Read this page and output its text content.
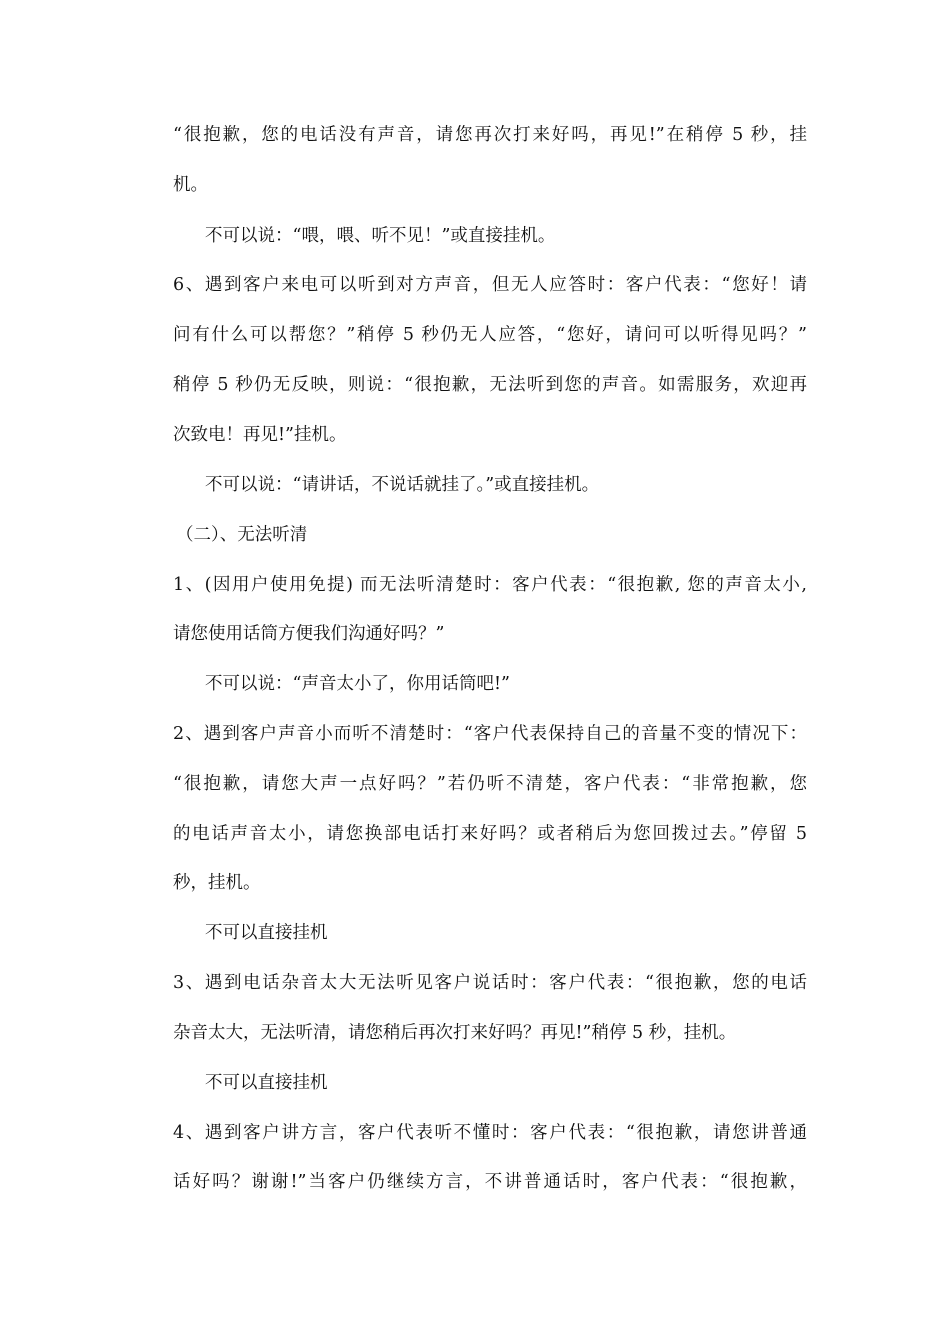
“很抱歉，您的电话没有声音，请您再次打来好吗，再见!”在稍停 5 秒，挂
机。
不可以说：“喂，喂、听不见！”或直接挂机。
6、遇到客户来电可以听到对方声音，但无人应答时：客户代表：“您好！请
问有什么可以帮您？”稍停 5 秒仍无人应答，“您好，请问可以听得见吗？”
稍停 5 秒仍无反映，则说：“很抱歉，无法听到您的声音。如需服务，欢迎再
次致电！再见!”挂机。
不可以说：“请讲话，不说话就挂了。”或直接挂机。
（二）、无法听清
1、(因用户使用免提) 而无法听清楚时：客户代表：“很抱歉, 您的声音太小,
请您使用话筒方便我们沟通好吗？”
不可以说：“声音太小了，你用话筒吧!”
2、遇到客户声音小而听不清楚时：“客户代表保持自己的音量不变的情况下：
“很抱歉，请您大声一点好吗？”若仍听不清楚，客户代表：“非常抱歉，您
的电话声音太小，请您换部电话打来好吗？或者稍后为您回拨过去。”停留 5
秒，挂机。
不可以直接挂机
3、遇到电话杂音太大无法听见客户说话时：客户代表：“很抱歉，您的电话
杂音太大，无法听清，请您稍后再次打来好吗？再见!”稍停 5 秒，挂机。
不可以直接挂机
4、遇到客户讲方言，客户代表听不懂时：客户代表：“很抱歉，请您讲普通
话好吗？谢谢!”当客户仍继续方言，不讲普通话时，客户代表：“很抱歉，
